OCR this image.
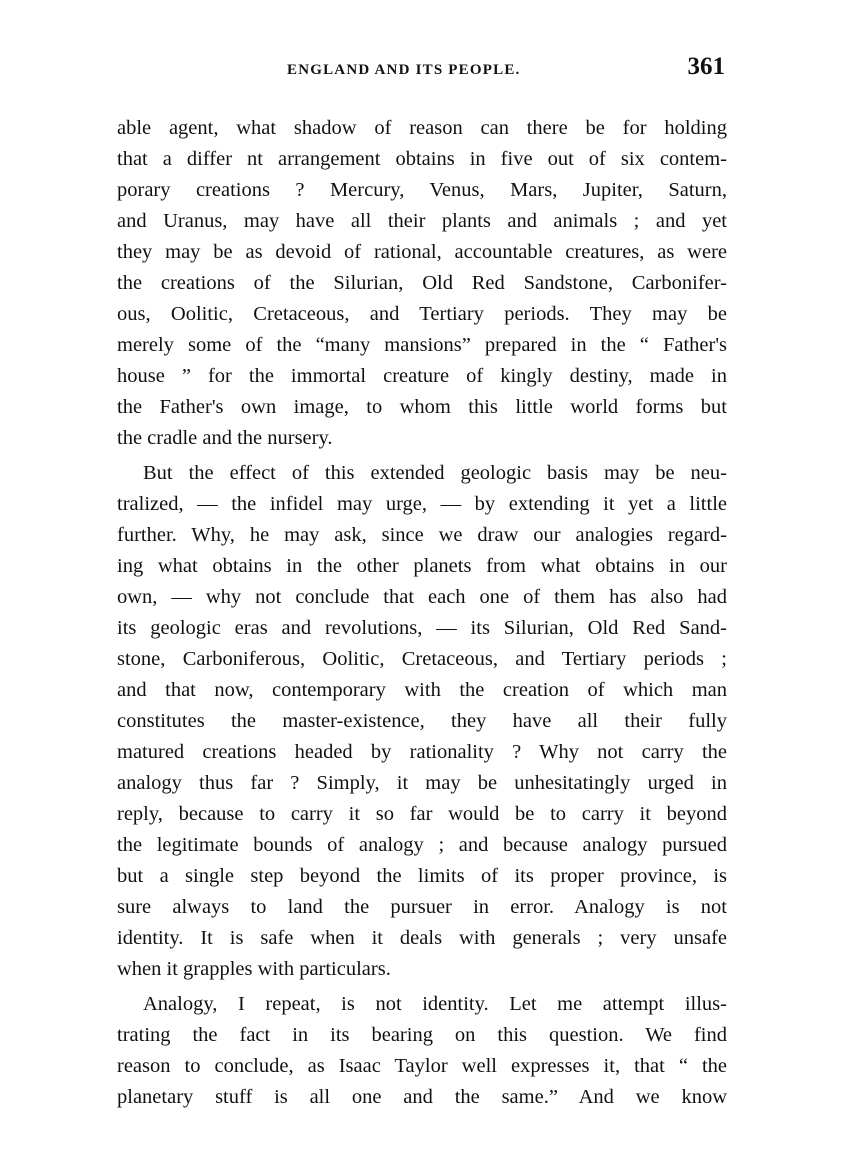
ENGLAND AND ITS PEOPLE.	361
able agent, what shadow of reason can there be for holding
that a differ nt arrangement obtains in five out of six contem-
porary creations ? Mercury, Venus, Mars, Jupiter, Saturn,
and Uranus, may have all their plants and animals ; and yet
they may be as devoid of rational, accountable creatures, as were
the creations of the Silurian, Old Red Sandstone, Carbonifer-
ous, Oolitic, Cretaceous, and Tertiary periods. They may be
merely some of the “many mansions” prepared in the “ Father's
house ” for the immortal creature of kingly destiny, made in
the Father's own image, to whom this little world forms but
the cradle and the nursery.
But the effect of this extended geologic basis may be neu-
tralized, — the infidel may urge, — by extending it yet a little
further. Why, he may ask, since we draw our analogies regard-
ing what obtains in the other planets from what obtains in our
own, — why not conclude that each one of them has also had
its geologic eras and revolutions, — its Silurian, Old Red Sand-
stone, Carboniferous, Oolitic, Cretaceous, and Tertiary periods ;
and that now, contemporary with the creation of which man
constitutes the master-existence, they have all their fully
matured creations headed by rationality ? Why not carry the
analogy thus far ? Simply, it may be unhesitatingly urged in
reply, because to carry it so far would be to carry it beyond
the legitimate bounds of analogy ; and because analogy pursued
but a single step beyond the limits of its proper province, is
sure always to land the pursuer in error. Analogy is not
identity. It is safe when it deals with generals ; very unsafe
when it grapples with particulars.
Analogy, I repeat, is not identity. Let me attempt illus-
trating the fact in its bearing on this question. We find
reason to conclude, as Isaac Taylor well expresses it, that “ the
planetary stuff is all one and the same.” And we know
